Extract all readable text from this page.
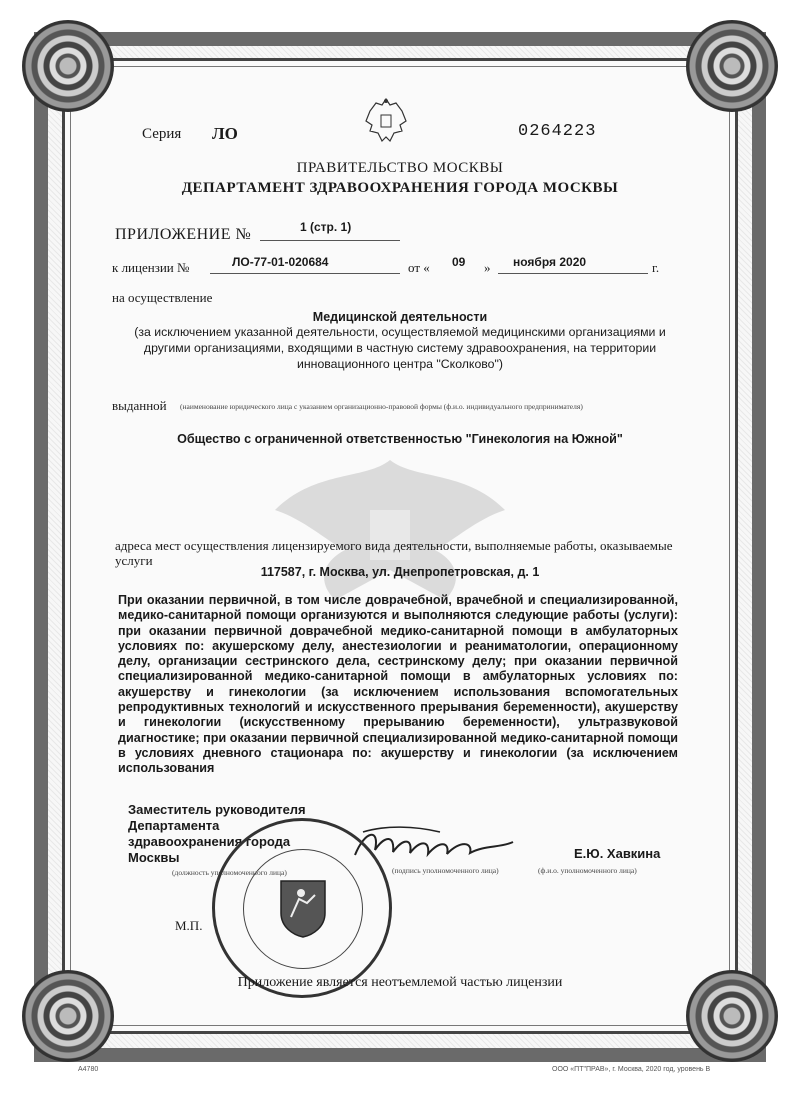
Серия ЛО	0264223
ПРАВИТЕЛЬСТВО МОСКВЫ
ДЕПАРТАМЕНТ ЗДРАВООХРАНЕНИЯ ГОРОДА МОСКВЫ
ПРИЛОЖЕНИЕ №	1 (стр. 1)
к лицензии №	ЛО-77-01-020684	от « 09 » ноября 2020	г.
на осуществление
Медицинской деятельности
(за исключением указанной деятельности, осуществляемой медицинскими организациями и другими организациями, входящими в частную систему здравоохранения, на территории инновационного центра "Сколково")
выданной (наименование юридического лица с указанием организационно-правовой формы (ф.и.о. индивидуального предпринимателя)
Общество с ограниченной ответственностью "Гинекология на Южной"
адреса мест осуществления лицензируемого вида деятельности, выполняемые работы, оказываемые услуги
117587, г. Москва, ул. Днепропетровская, д. 1
При оказании первичной, в том числе доврачебной, врачебной и специализированной, медико-санитарной помощи организуются и выполняются следующие работы (услуги): при оказании первичной доврачебной медико-санитарной помощи в амбулаторных условиях по: акушерскому делу, анестезиологии и реаниматологии, операционному делу, организации сестринского дела, сестринскому делу; при оказании первичной специализированной медико-санитарной помощи в амбулаторных условиях по: акушерству и гинекологии (за исключением использования вспомогательных репродуктивных технологий и искусственного прерывания беременности), акушерству и гинекологии (искусственному прерыванию беременности), ультразвуковой диагностике; при оказании первичной специализированной медико-санитарной помощи в условиях дневного стационара по: акушерству и гинекологии (за исключением использования
Заместитель руководителя
Департамента
здравоохранения города
Москвы
(должность уполномоченного лица)	(подпись уполномоченного лица)
Е.Ю. Хавкина
(ф.и.о. уполномоченного лица)
М.П.
Приложение является неотъемлемой частью лицензии
A4780	ООО «ПТ"ПРАВ», г. Москва, 2020 год, уровень В
